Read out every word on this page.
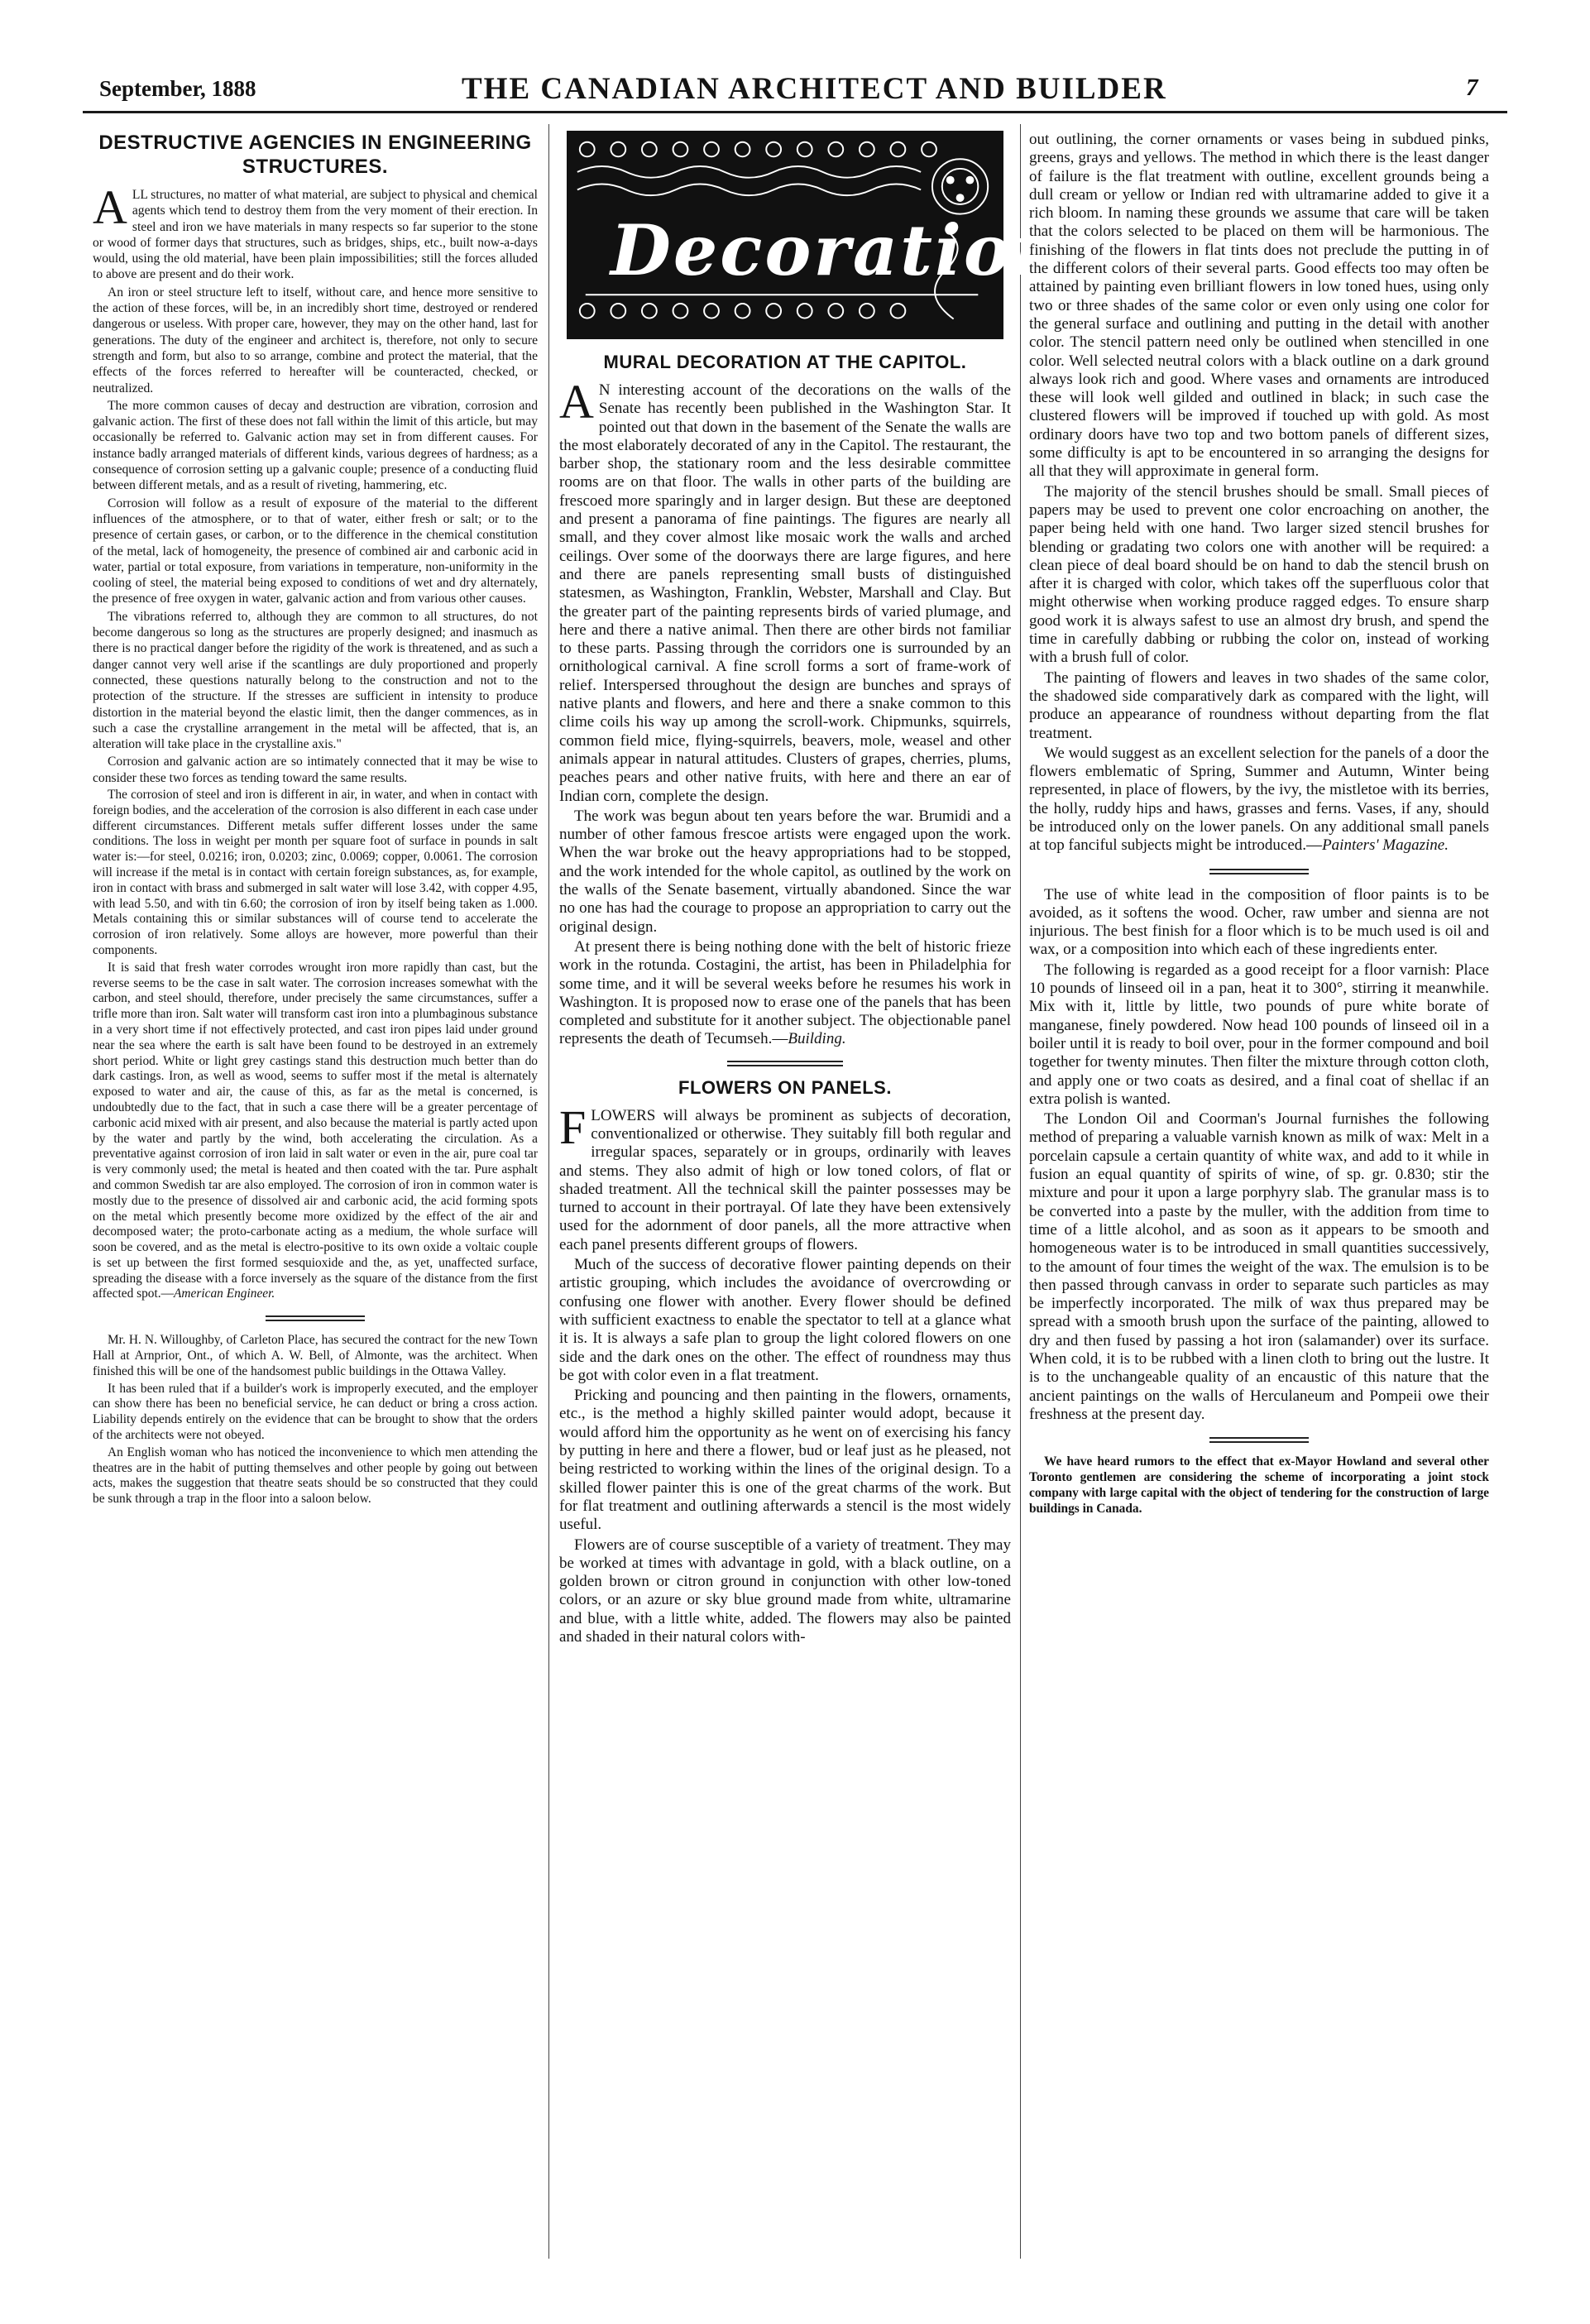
September, 1888	THE CANADIAN ARCHITECT AND BUILDER	7
DESTRUCTIVE AGENCIES IN ENGINEERING STRUCTURES.

ALL structures, no matter of what material, are subject to physical and chemical agents which tend to destroy them from the very moment of their erection. In steel and iron we have materials in many respects so far superior to the stone or wood of former days that structures, such as bridges, ships, etc., built now-a-days would, using the old material, have been plain impossibilities; still the forces alluded to above are present and do their work.

An iron or steel structure left to itself, without care, and hence more sensitive to the action of these forces, will be, in an incredibly short time, destroyed or rendered dangerous or useless. With proper care, however, they may on the other hand, last for generations. The duty of the engineer and architect is, therefore, not only to secure strength and form, but also to so arrange, combine and protect the material, that the effects of the forces referred to hereafter will be counteracted, checked, or neutralized.

The more common causes of decay and destruction are vibration, corrosion and galvanic action. The first of these does not fall within the limit of this article, but may occasionally be referred to. Galvanic action may set in from different causes. For instance badly arranged materials of different kinds, various degrees of hardness; as a consequence of corrosion setting up a galvanic couple; presence of a conducting fluid between different metals, and as a result of riveting, hammering, etc.

Corrosion will follow as a result of exposure of the material to the different influences of the atmosphere, or to that of water, either fresh or salt; or to the presence of certain gases, or carbon, or to the difference in the chemical constitution of the metal, lack of homogeneity, the presence of combined air and carbonic acid in water, partial or total exposure, from variations in temperature, non-uniformity in the cooling of steel, the material being exposed to conditions of wet and dry alternately, the presence of free oxygen in water, galvanic action and from various other causes.

The vibrations referred to, although they are common to all structures, do not become dangerous so long as the structures are properly designed; and inasmuch as there is no practical danger before the rigidity of the work is threatened, and as such a danger cannot very well arise if the scantlings are duly proportioned and properly connected, these questions naturally belong to the construction and not to the protection of the structure. If the stresses are sufficient in intensity to produce distortion in the material beyond the elastic limit, then the danger commences, as in such a case the crystalline arrangement in the metal will be affected, that is, an alteration will take place in the crystalline axis."

Corrosion and galvanic action are so intimately connected that it may be wise to consider these two forces as tending toward the same results.

The corrosion of steel and iron is different in air, in water, and when in contact with foreign bodies, and the acceleration of the corrosion is also different in each case under different circumstances. Different metals suffer different losses under the same conditions. The loss in weight per month per square foot of surface in pounds in salt water is:—for steel, 0.0216; iron, 0.0203; zinc, 0.0069; copper, 0.0061. The corrosion will increase if the metal is in contact with certain foreign substances, as, for example, iron in contact with brass and submerged in salt water will lose 3.42, with copper 4.95, with lead 5.50, and with tin 6.60; the corrosion of iron by itself being taken as 1.000. Metals containing this or similar substances will of course tend to accelerate the corrosion of iron relatively. Some alloys are however, more powerful than their components.

It is said that fresh water corrodes wrought iron more rapidly than cast, but the reverse seems to be the case in salt water. The corrosion increases somewhat with the carbon, and steel should, therefore, under precisely the same circumstances, suffer a trifle more than iron. Salt water will transform cast iron into a plumbaginous substance in a very short time if not effectively protected, and cast iron pipes laid under ground near the sea where the earth is salt have been found to be destroyed in an extremely short period. White or light grey castings stand this destruction much better than do dark castings. Iron, as well as wood, seems to suffer most if the metal is alternately exposed to water and air, the cause of this, as far as the metal is concerned, is undoubtedly due to the fact, that in such a case there will be a greater percentage of carbonic acid mixed with air present, and also because the material is partly acted upon by the water and partly by the wind, both accelerating the circulation. As a preventative against corrosion of iron laid in salt water or even in the air, pure coal tar is very commonly used; the metal is heated and then coated with the tar. Pure asphalt and common Swedish tar are also employed. The corrosion of iron in common water is mostly due to the presence of dissolved air and carbonic acid, the acid forming spots on the metal which presently become more oxidized by the effect of the air and decomposed water; the proto-carbonate acting as a medium, the whole surface will soon be covered, and as the metal is electro-positive to its own oxide a voltaic couple is set up between the first formed sesquioxide and the, as yet, unaffected surface, spreading the disease with a force inversely as the square of the distance from the first affected spot.—American Engineer.

Mr. H. N. Willoughby, of Carleton Place, has secured the contract for the new Town Hall at Arnprior, Ont., of which A. W. Bell, of Almonte, was the architect. When finished this will be one of the handsomest public buildings in the Ottawa Valley.

It has been ruled that if a builder's work is improperly executed, and the employer can show there has been no beneficial service, he can deduct or bring a cross action. Liability depends entirely on the evidence that can be brought to show that the orders of the architects were not obeyed.

An English woman who has noticed the inconvenience to which men attending the theatres are in the habit of putting themselves and other people by going out between acts, makes the suggestion that theatre seats should be so constructed that they could be sunk through a trap in the floor into a saloon below.

Decoration
MURAL DECORATION AT THE CAPITOL.

A N interesting account of the decorations on the walls of the Senate has recently been published in the Washington Star. It pointed out that down in the basement of the Senate the walls are the most elaborately decorated of any in the Capitol. The restaurant, the barber shop, the stationary room and the less desirable committee rooms are on that floor. The walls in other parts of the building are frescoed more sparingly and in larger design. But these are deeptoned and present a panorama of fine paintings. The figures are nearly all small, and they cover almost like mosaic work the walls and arched ceilings. Over some of the doorways there are large figures, and here and there are panels representing small busts of distinguished statesmen, as Washington, Franklin, Webster, Marshall and Clay. But the greater part of the painting represents birds of varied plumage, and here and there a native animal. Then there are other birds not familiar to these parts. Passing through the corridors one is surrounded by an ornithological carnival. A fine scroll forms a sort of frame-work of relief. Interspersed throughout the design are bunches and sprays of native plants and flowers, and here and there a snake common to this clime coils his way up among the scroll-work. Chipmunks, squirrels, common field mice, flying-squirrels, beavers, mole, weasel and other animals appear in natural attitudes. Clusters of grapes, cherries, plums, peaches pears and other native fruits, with here and there an ear of Indian corn, complete the design.

The work was begun about ten years before the war. Brumidi and a number of other famous frescoe artists were engaged upon the work. When the war broke out the heavy appropriations had to be stopped, and the work intended for the whole capitol, as outlined by the work on the walls of the Senate basement, virtually abandoned. Since the war no one has had the courage to propose an appropriation to carry out the original design.

At present there is being nothing done with the belt of historic frieze work in the rotunda. Costagini, the artist, has been in Philadelphia for some time, and it will be several weeks before he resumes his work in Washington. It is proposed now to erase one of the panels that has been completed and substitute for it another subject. The objectionable panel represents the death of Tecumseh.—Building.

FLOWERS ON PANELS.

FLOWERS will always be prominent as subjects of decoration, conventionalized or otherwise. They suitably fill both regular and irregular spaces, separately or in groups, ordinarily with leaves and stems. They also admit of high or low toned colors, of flat or shaded treatment. All the technical skill the painter possesses may be turned to account in their portrayal. Of late they have been extensively used for the adornment of door panels, all the more attractive when each panel presents different groups of flowers.

Much of the success of decorative flower painting depends on their artistic grouping, which includes the avoidance of overcrowding or confusing one flower with another. Every flower should be defined with sufficient exactness to enable the spectator to tell at a glance what it is. It is always a safe plan to group the light colored flowers on one side and the dark ones on the other. The effect of roundness may thus be got with color even in a flat treatment.

Pricking and pouncing and then painting in the flowers, ornaments, etc., is the method a highly skilled painter would adopt, because it would afford him the opportunity as he went on of exercising his fancy by putting in here and there a flower, bud or leaf just as he pleased, not being restricted to working within the lines of the original design. To a skilled flower painter this is one of the great charms of the work. But for flat treatment and outlining afterwards a stencil is the most widely useful.

Flowers are of course susceptible of a variety of treatment. They may be worked at times with advantage in gold, with a black outline, on a golden brown or citron ground in conjunction with other low-toned colors, or an azure or sky blue ground made from white, ultramarine and blue, with a little white, added. The flowers may also be painted and shaded in their natural colors with-

out outlining, the corner ornaments or vases being in subdued pinks, greens, grays and yellows. The method in which there is the least danger of failure is the flat treatment with outline, excellent grounds being a dull cream or yellow or Indian red with ultramarine added to give it a rich bloom. In naming these grounds we assume that care will be taken that the colors selected to be placed on them will be harmonious. The finishing of the flowers in flat tints does not preclude the putting in of the different colors of their several parts. Good effects too may often be attained by painting even brilliant flowers in low toned hues, using only two or three shades of the same color or even only using one color for the general surface and outlining and putting in the detail with another color. The stencil pattern need only be outlined when stencilled in one color. Well selected neutral colors with a black outline on a dark ground always look rich and good. Where vases and ornaments are introduced these will look well gilded and outlined in black; in such case the clustered flowers will be improved if touched up with gold. As most ordinary doors have two top and two bottom panels of different sizes, some difficulty is apt to be encountered in so arranging the designs for all that they will approximate in general form.

The majority of the stencil brushes should be small. Small pieces of papers may be used to prevent one color encroaching on another, the paper being held with one hand. Two larger sized stencil brushes for blending or gradating two colors one with another will be required: a clean piece of deal board should be on hand to dab the stencil brush on after it is charged with color, which takes off the superfluous color that might otherwise when working produce ragged edges. To ensure sharp good work it is always safest to use an almost dry brush, and spend the time in carefully dabbing or rubbing the color on, instead of working with a brush full of color.

The painting of flowers and leaves in two shades of the same color, the shadowed side comparatively dark as compared with the light, will produce an appearance of roundness without departing from the flat treatment.

We would suggest as an excellent selection for the panels of a door the flowers emblematic of Spring, Summer and Autumn, Winter being represented, in place of flowers, by the ivy, the mistletoe with its berries, the holly, ruddy hips and haws, grasses and ferns. Vases, if any, should be introduced only on the lower panels. On any additional small panels at top fanciful subjects might be introduced.—Painters' Magazine.

The use of white lead in the composition of floor paints is to be avoided, as it softens the wood. Ocher, raw umber and sienna are not injurious. The best finish for a floor which is to be much used is oil and wax, or a composition into which each of these ingredients enter.

The following is regarded as a good receipt for a floor varnish: Place 10 pounds of linseed oil in a pan, heat it to 300°, stirring it meanwhile. Mix with it, little by little, two pounds of pure white borate of manganese, finely powdered. Now head 100 pounds of linseed oil in a boiler until it is ready to boil over, pour in the former compound and boil together for twenty minutes. Then filter the mixture through cotton cloth, and apply one or two coats as desired, and a final coat of shellac if an extra polish is wanted.

The London Oil and Coorman's Journal furnishes the following method of preparing a valuable varnish known as milk of wax: Melt in a porcelain capsule a certain quantity of white wax, and add to it while in fusion an equal quantity of spirits of wine, of sp. gr. 0.830; stir the mixture and pour it upon a large porphyry slab. The granular mass is to be converted into a paste by the muller, with the addition from time to time of a little alcohol, and as soon as it appears to be smooth and homogeneous water is to be introduced in small quantities successively, to the amount of four times the weight of the wax. The emulsion is to be then passed through canvass in order to separate such particles as may be imperfectly incorporated. The milk of wax thus prepared may be spread with a smooth brush upon the surface of the painting, allowed to dry and then fused by passing a hot iron (salamander) over its surface. When cold, it is to be rubbed with a linen cloth to bring out the lustre. It is to the unchangeable quality of an encaustic of this nature that the ancient paintings on the walls of Herculaneum and Pompeii owe their freshness at the present day.

We have heard rumors to the effect that ex-Mayor Howland and several other Toronto gentlemen are considering the scheme of incorporating a joint stock company with large capital with the object of tendering for the construction of large buildings in Canada.
